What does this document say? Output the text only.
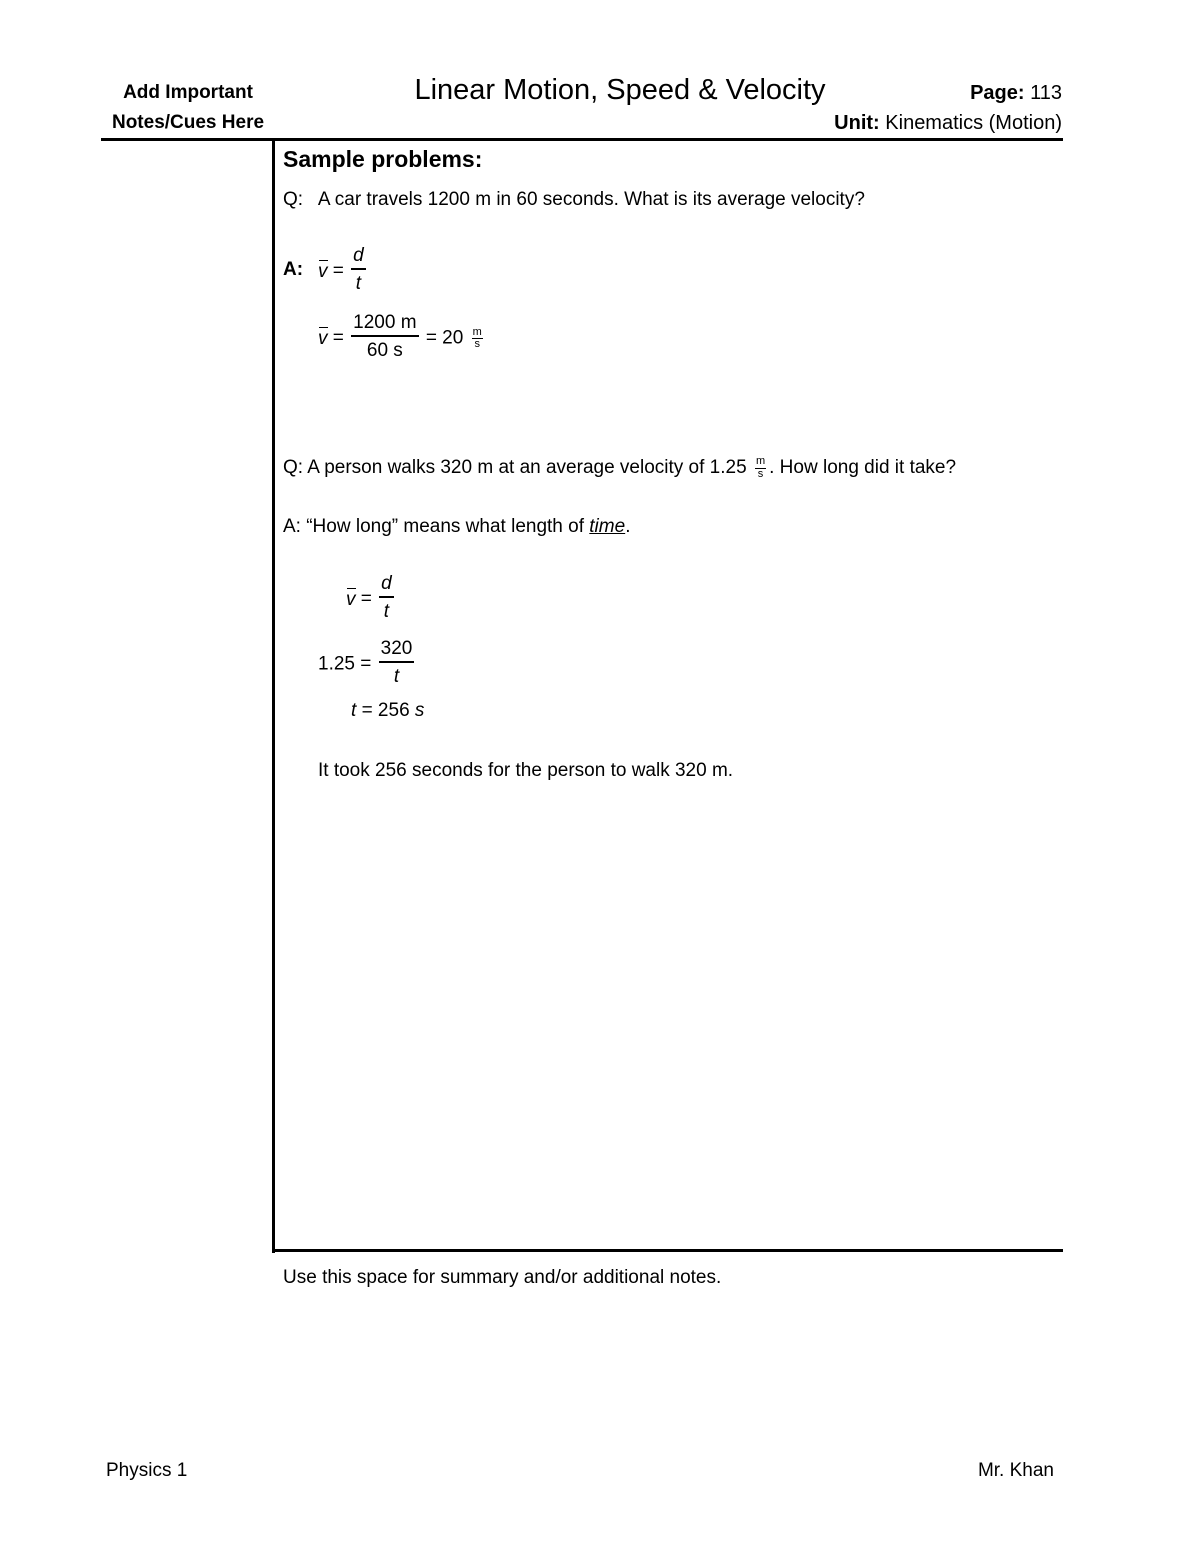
Add Important
Notes/Cues Here
Linear Motion, Speed & Velocity	Page: 113
Unit: Kinematics (Motion)
Sample problems:
Q: A car travels 1200 m in 60 seconds. What is its average velocity?
A: $v = \frac{d}{t}$
$v = \frac{1200 m}{60 s} = 20 \frac{m}{s}$
Q: A person walks 320 m at an average velocity of $1.25 \frac{m}{s}$ . How long did it take?
A: “How long” means what length of time.
$v = \frac{d}{t}$
$1.25 = \frac{320}{t}$
t = 256 s
It took 256 seconds for the person to walk 320 m.
Use this space for summary and/or additional notes.
Physics 1	Mr. Khan
